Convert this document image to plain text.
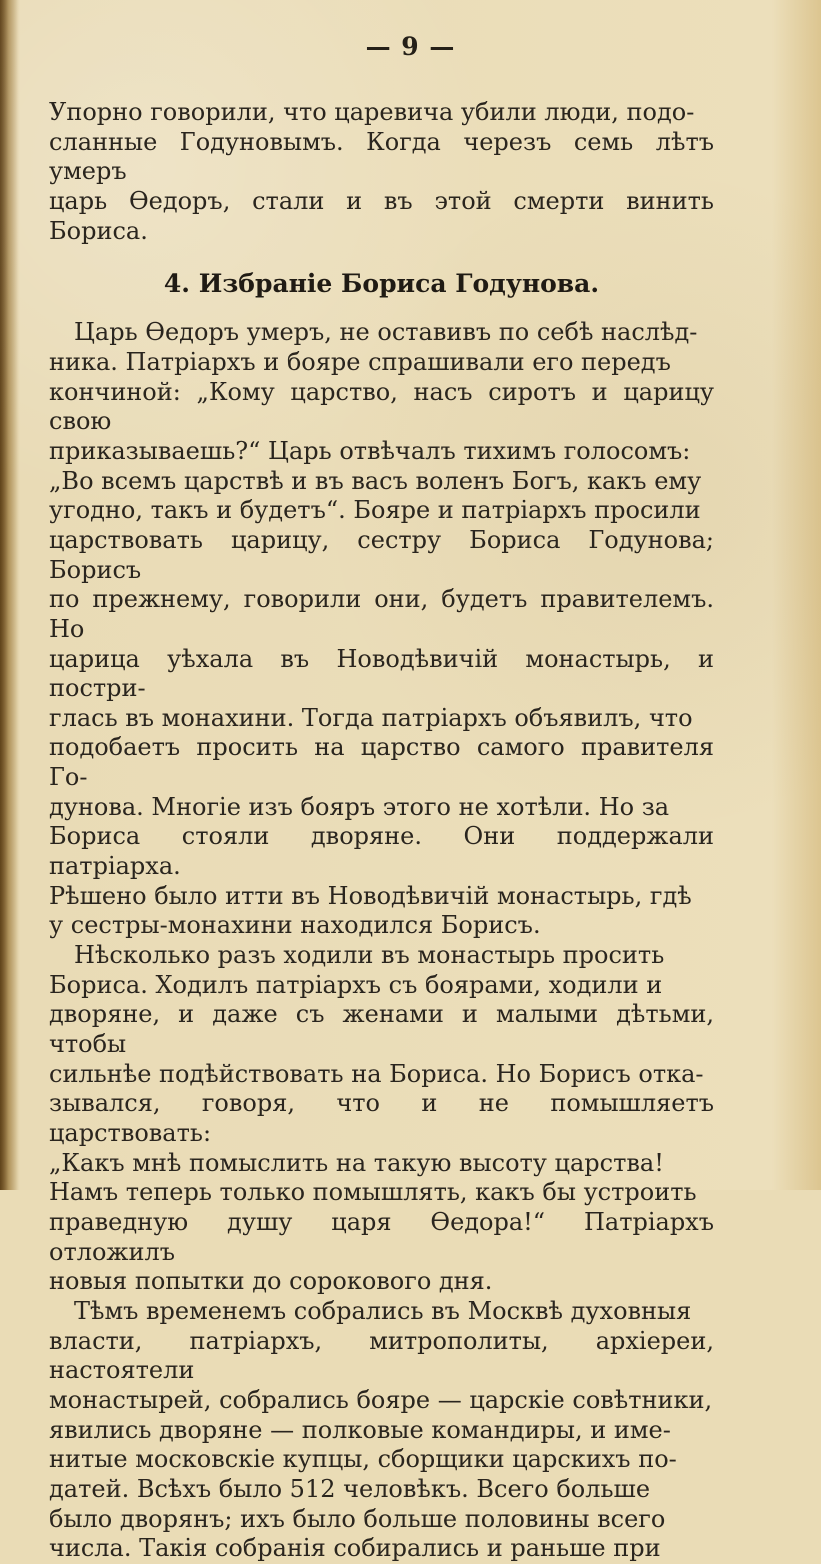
— 9 —

Упорно говорили, что царевича убили люди, подо-
сланные Годуновымъ. Когда черезъ семь лѣтъ умеръ
царь Ѳедоръ, стали и въ этой смерти винить Бориса.

4. Избраніе Бориса Годунова.

Царь Ѳедоръ умеръ, не оставивъ по себѣ наслѣд-
ника. Патріархъ и бояре спрашивали его передъ
кончиной: „Кому царство, насъ сиротъ и царицу свою
приказываешь?“ Царь отвѣчалъ тихимъ голосомъ:
„Во всемъ царствѣ и въ васъ воленъ Богъ, какъ ему
угодно, такъ и будетъ“. Бояре и патріархъ просили
царствовать царицу, сестру Бориса Годунова; Борисъ
по прежнему, говорили они, будетъ правителемъ. Но
царица уѣхала въ Новодѣвичій монастырь, и постри-
глась въ монахини. Тогда патріархъ объявилъ, что
подобаетъ просить на царство самого правителя Го-
дунова. Многіе изъ бояръ этого не хотѣли. Но за
Бориса стояли дворяне. Они поддержали патріарха.
Рѣшено было итти въ Новодѣвичій монастырь, гдѣ
у сестры-монахини находился Борисъ.

Нѣсколько разъ ходили въ монастырь просить
Бориса. Ходилъ патріархъ съ боярами, ходили и
дворяне, и даже съ женами и малыми дѣтьми, чтобы
сильнѣе подѣйствовать на Бориса. Но Борисъ отка-
зывался, говоря, что и не помышляетъ царствовать:
„Какъ мнѣ помыслить на такую высоту царства!
Намъ теперь только помышлять, какъ бы устроить
праведную душу царя Ѳедора!“ Патріархъ отложилъ
новыя попытки до сорокового дня.

Тѣмъ временемъ собрались въ Москвѣ духовныя
власти, патріархъ, митрополиты, архіереи, настоятели
монастырей, собрались бояре — царскіе совѣтники,
явились дворяне — полковые командиры, и име-
нитые московскіе купцы, сборщики царскихъ по-
датей. Всѣхъ было 512 человѣкъ. Всего больше
было дворянъ; ихъ было больше половины всего
числа. Такія собранія собирались и раньше при
